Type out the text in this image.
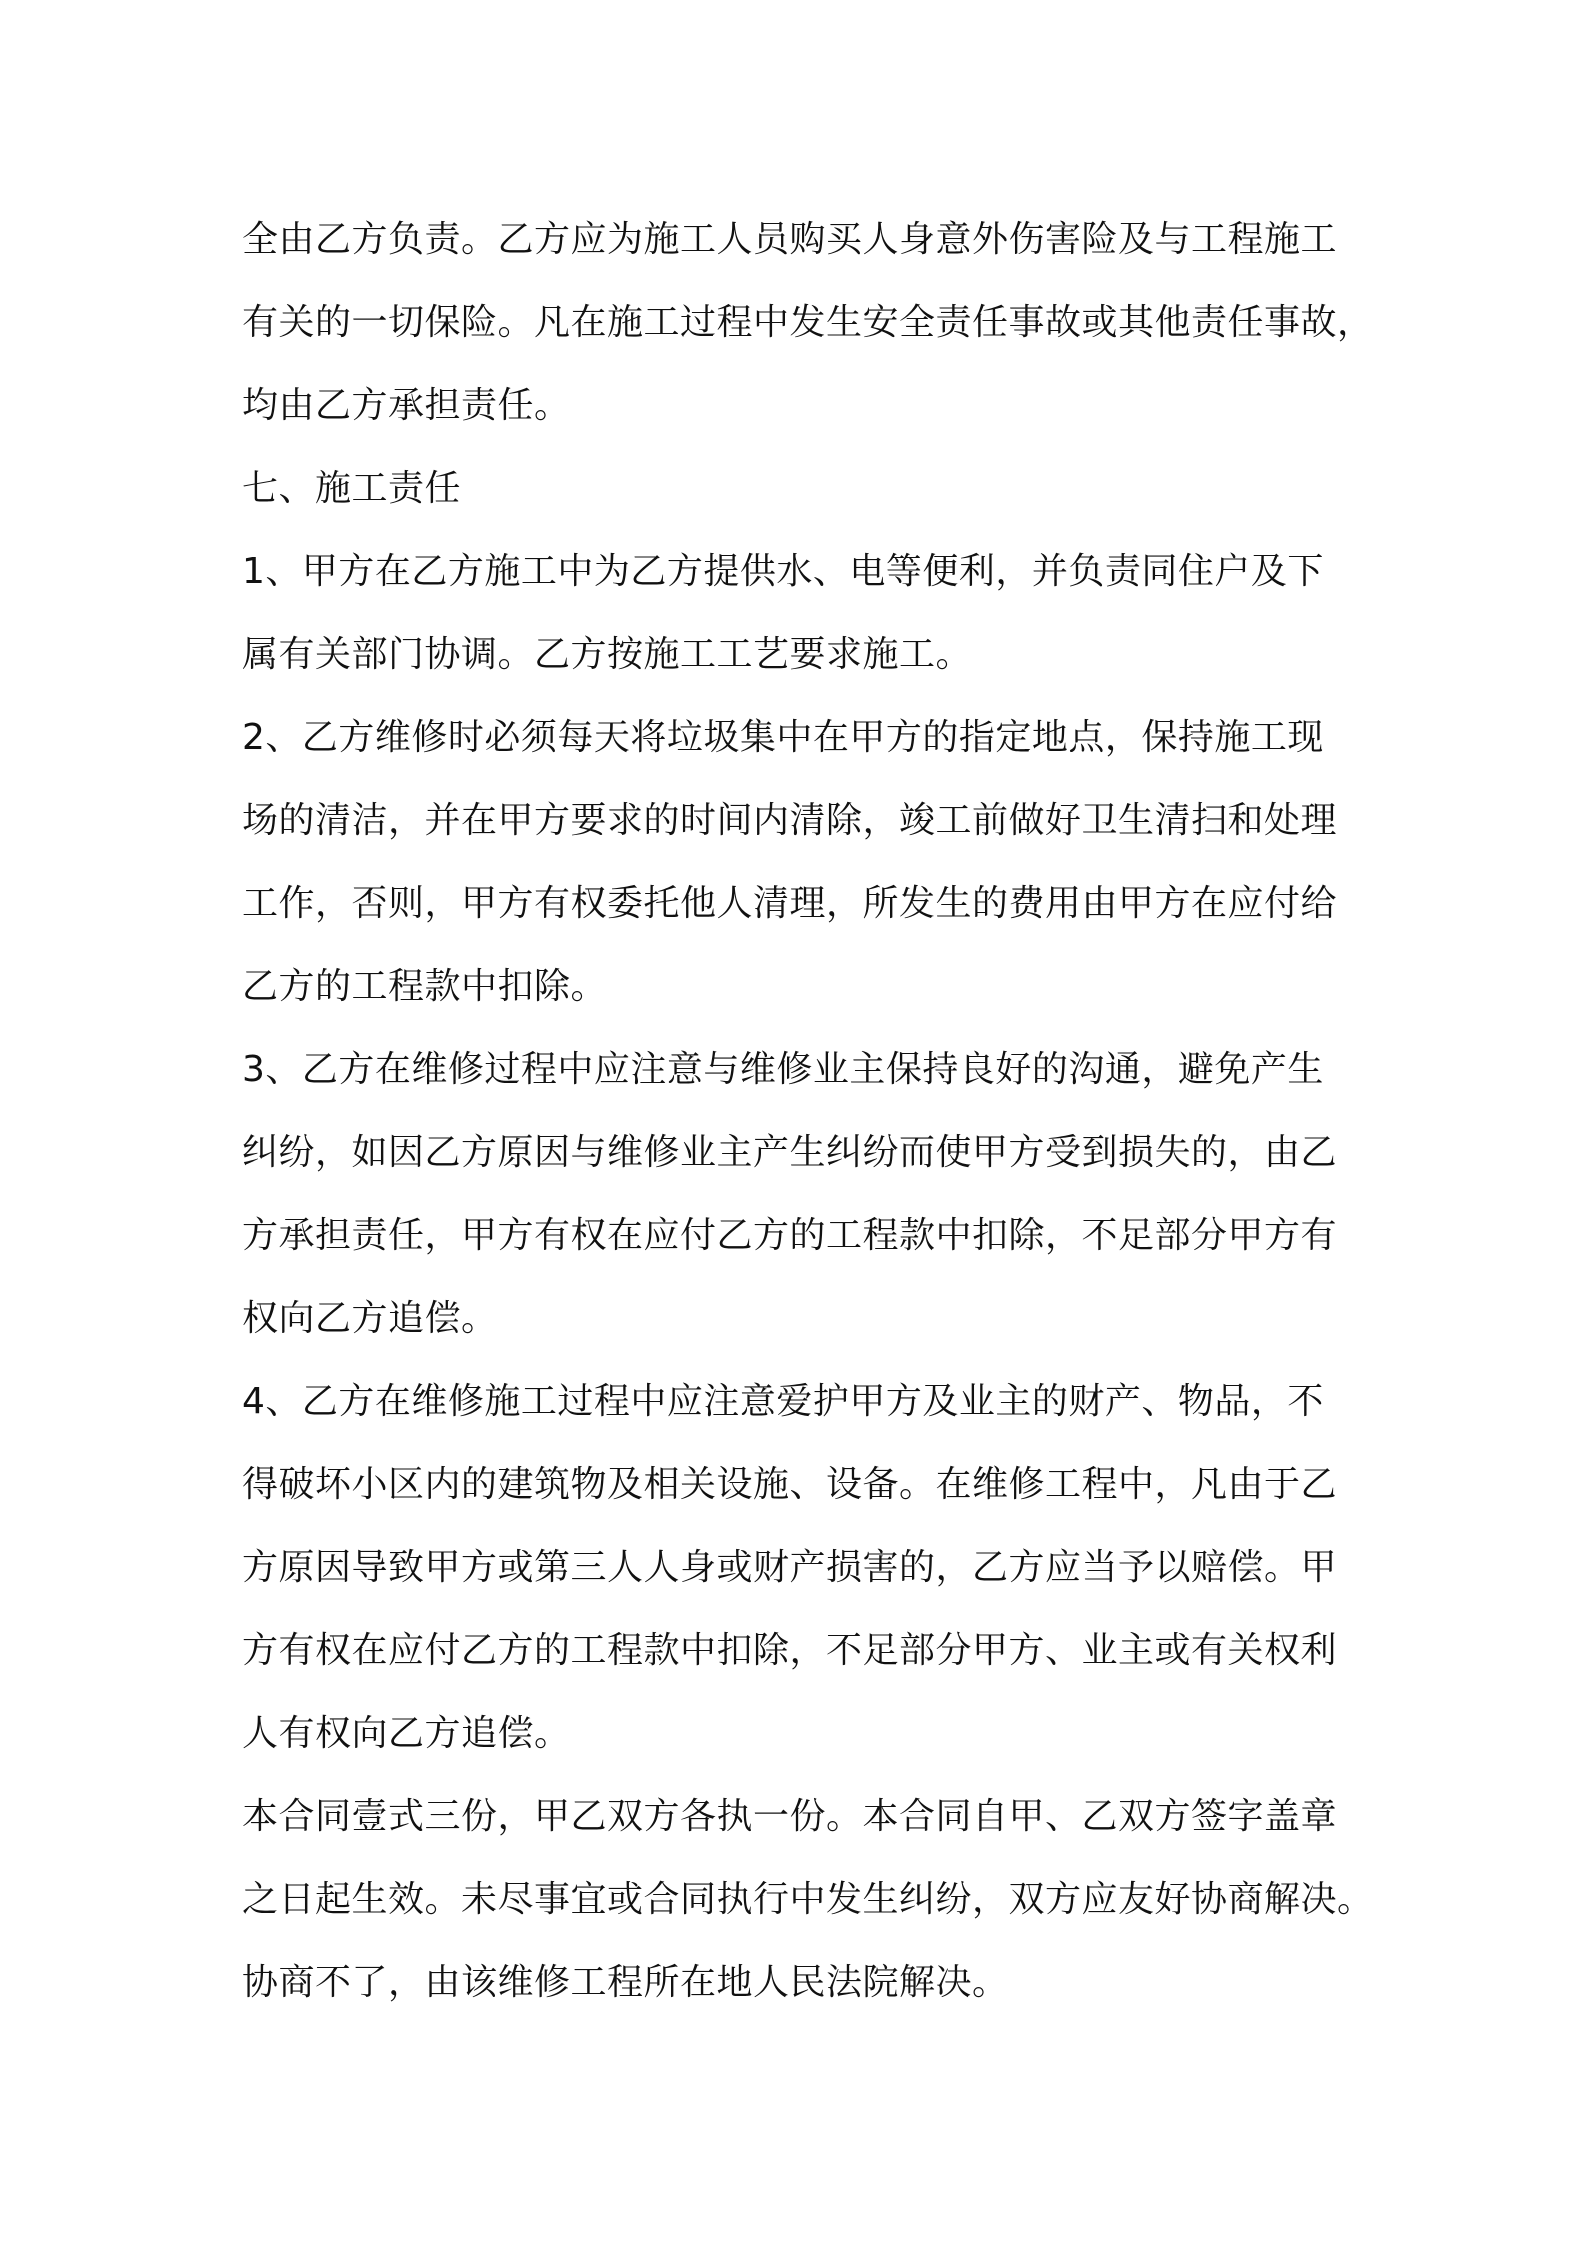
全由乙方负责。乙方应为施工人员购买人身意外伤害险及与工程施工
有关的一切保险。凡在施工过程中发生安全责任事故或其他责任事故，
均由乙方承担责任。
七、施工责任
1、甲方在乙方施工中为乙方提供水、电等便利，并负责同住户及下
属有关部门协调。乙方按施工工艺要求施工。
2、乙方维修时必须每天将垃圾集中在甲方的指定地点，保持施工现
场的清洁，并在甲方要求的时间内清除，竣工前做好卫生清扫和处理
工作，否则，甲方有权委托他人清理，所发生的费用由甲方在应付给
乙方的工程款中扣除。
3、乙方在维修过程中应注意与维修业主保持良好的沟通，避免产生
纠纷，如因乙方原因与维修业主产生纠纷而使甲方受到损失的，由乙
方承担责任，甲方有权在应付乙方的工程款中扣除，不足部分甲方有
权向乙方追偿。
4、乙方在维修施工过程中应注意爱护甲方及业主的财产、物品，不
得破坏小区内的建筑物及相关设施、设备。在维修工程中，凡由于乙
方原因导致甲方或第三人人身或财产损害的，乙方应当予以赔偿。甲
方有权在应付乙方的工程款中扣除，不足部分甲方、业主或有关权利
人有权向乙方追偿。
本合同壹式三份，甲乙双方各执一份。本合同自甲、乙双方签字盖章
之日起生效。未尽事宜或合同执行中发生纠纷，双方应友好协商解决。
协商不了，由该维修工程所在地人民法院解决。
